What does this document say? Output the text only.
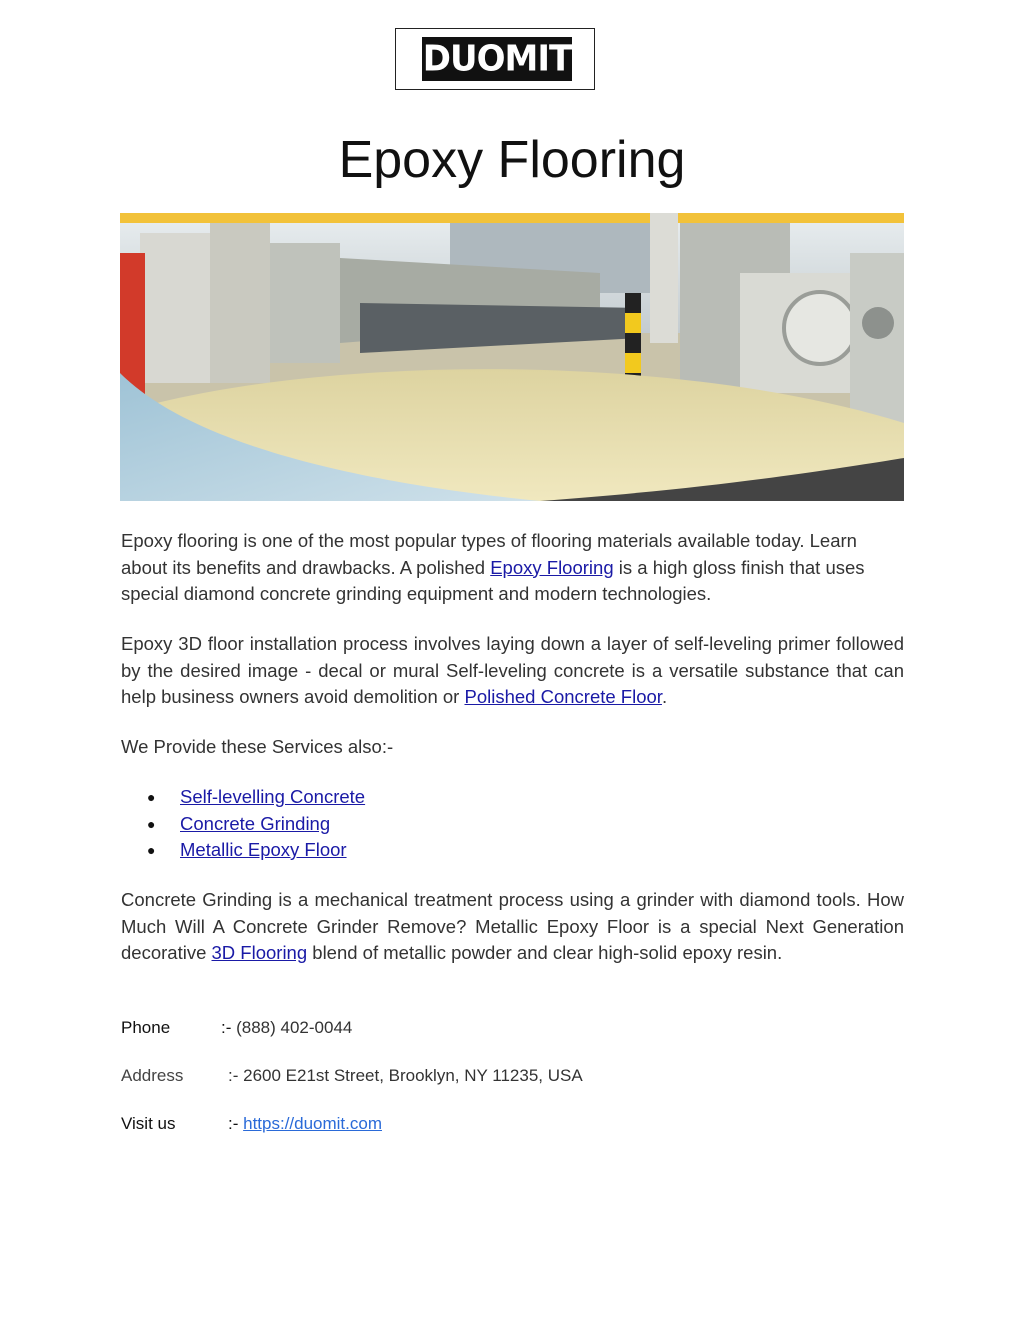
DUOMIT
Epoxy Flooring
Epoxy flooring is one of the most popular types of flooring materials available today. Learn about its benefits and drawbacks. A polished Epoxy Flooring is a high gloss finish that uses special diamond concrete grinding equipment and modern technologies.
Epoxy 3D floor installation process involves laying down a layer of self-leveling primer followed by the desired image - decal or mural Self-leveling concrete is a versatile substance that can help business owners avoid demolition or Polished Concrete Floor.
We Provide these Services also:-
● Self-levelling Concrete
● Concrete Grinding
● Metallic Epoxy Floor
Concrete Grinding is a mechanical treatment process using a grinder with diamond tools. How Much Will A Concrete Grinder Remove? Metallic Epoxy Floor is a special Next Generation decorative 3D Flooring blend of metallic powder and clear high-solid epoxy resin.
Phone	:- (888) 402-0044
Address	:- 2600 E21st Street, Brooklyn, NY 11235, USA
Visit us	:- https://duomit.com
